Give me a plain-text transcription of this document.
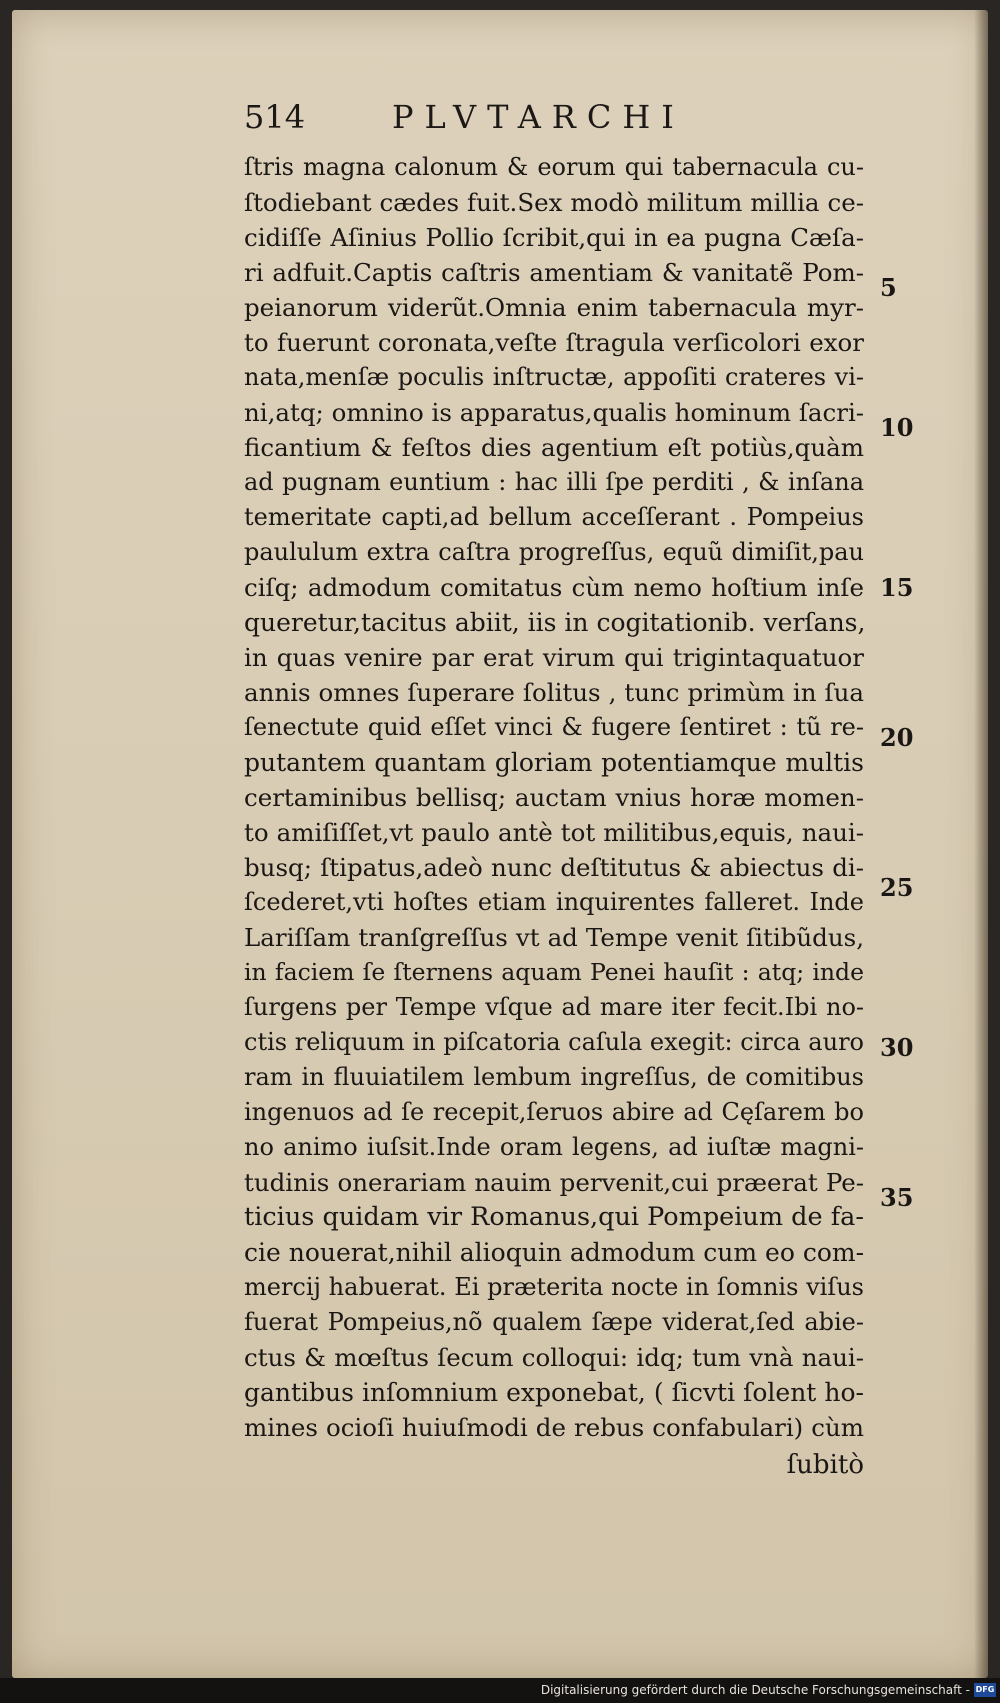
514	PLVTARCHI
ſtris magna calonum & eorum qui tabernacula cu-
ſtodiebant cædes fuit.Sex modò militum millia ce-
cidiſſe Aſinius Pollio ſcribit,qui in ea pugna Cæſa-
ri adfuit.Captis caſtris amentiam & vanitatẽ Pom-
peianorum viderũt.Omnia enim tabernacula myr-
to fuerunt coronata,veſte ſtragula verſicolori exor
nata,menſæ poculis inſtructæ, appoſiti crateres vi-
ni,atq; omnino is apparatus,qualis hominum ſacri-
ficantium & feſtos dies agentium eſt potiùs,quàm
ad pugnam euntium : hac illi ſpe perditi , & inſana
temeritate capti,ad bellum acceſſerant . Pompeius
paululum extra caſtra progreſſus, equũ dimiſit,pau
ciſq; admodum comitatus cùm nemo hoſtium inſe
queretur,tacitus abiit, iis in cogitationib. verſans,
in quas venire par erat virum qui trigintaquatuor
annis omnes ſuperare ſolitus , tunc primùm in ſua
ſenectute quid eſſet vinci & fugere ſentiret : tũ re-
putantem quantam gloriam potentiamque multis
certaminibus bellisq; auctam vnius horæ momen-
to amiſiſſet,vt paulo antè tot militibus,equis, naui-
busq; ſtipatus,adeò nunc deſtitutus & abiectus di-
ſcederet,vti hoſtes etiam inquirentes falleret. Inde
Lariſſam tranſgreſſus vt ad Tempe venit ſitibũdus,
in faciem ſe ſternens aquam Penei hauſit : atq; inde
ſurgens per Tempe vſque ad mare iter fecit.Ibi no-
ctis reliquum in piſcatoria caſula exegit: circa auro
ram in fluuiatilem lembum ingreſſus, de comitibus
ingenuos ad ſe recepit,ſeruos abire ad Cęſarem bo
no animo iuſsit.Inde oram legens, ad iuſtæ magni-
tudinis onerariam nauim pervenit,cui præerat Pe-
ticius quidam vir Romanus,qui Pompeium de fa-
cie nouerat,nihil alioquin admodum cum eo com-
mercij habuerat. Ei præterita nocte in ſomnis viſus
fuerat Pompeius,nõ qualem ſæpe viderat,ſed abie-
ctus & mœſtus ſecum colloqui: idq; tum vnà naui-
gantibus inſomnium exponebat, ( ſicvti ſolent ho-
mines ocioſi huiuſmodi de rebus confabulari) cùm
ſubitò
5
10
15
20
25
30
35
Digitalisierung gefördert durch die Deutsche Forschungsgemeinschaft - DFG
